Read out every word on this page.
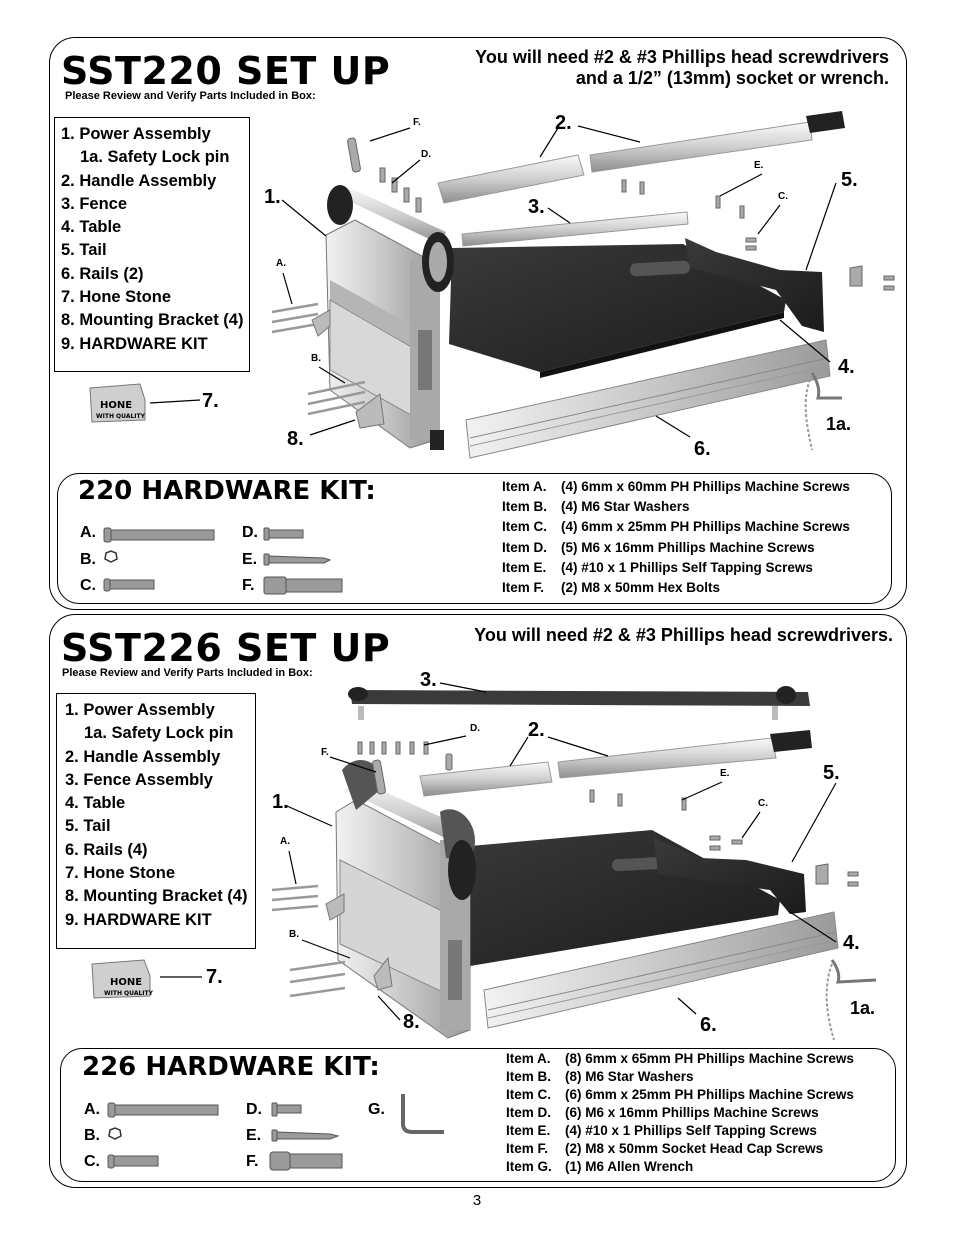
SST220 SET UP
Please Review and Verify Parts Included in Box:
You will need #2 & #3 Phillips head screwdrivers
and a 1/2” (13mm) socket or wrench.
1. Power Assembly
1a. Safety Lock pin
2. Handle Assembly
3. Fence
4. Table
5. Tail
6. Rails (2)
7. Hone Stone
8. Mounting Bracket (4)
9. HARDWARE KIT
HONE
WITH QUALITY
1.
2.
3.
4.
5.
6.
7.
8.
1a.
A.
B.
C.
D.
E.
F.
220 HARDWARE KIT:
A.
B.
C.
D.
E.
F.
Item A.	(4) 6mm x 60mm PH Phillips Machine Screws
Item B.	(4) M6 Star Washers
Item C.	(4) 6mm x 25mm PH Phillips Machine Screws
Item D.	(5) M6 x 16mm Phillips Machine Screws
Item E.	(4) #10 x 1 Phillips Self Tapping Screws
Item F.	(2) M8 x 50mm Hex Bolts
SST226 SET UP
Please Review and Verify Parts Included in Box:
You will need #2 & #3 Phillips head screwdrivers.
1. Power Assembly
1a. Safety Lock pin
2. Handle Assembly
3. Fence Assembly
4. Table
5. Tail
6. Rails (4)
7. Hone Stone
8. Mounting Bracket (4)
9. HARDWARE KIT
HONE
WITH QUALITY
3.
2.
1.
5.
4.
6.
7.
8.
1a.
A.
B.
C.
D.
E.
F.
226 HARDWARE KIT:
A.
B.
C.
D.
E.
F.
G.
Item A.	(8) 6mm x 65mm PH Phillips Machine Screws
Item B.	(8) M6 Star Washers
Item C.	(6) 6mm x 25mm PH Phillips Machine Screws
Item D.	(6) M6 x 16mm Phillips Machine Screws
Item E.	(4) #10 x 1 Phillips Self Tapping Screws
Item F.	(2) M8 x 50mm Socket Head Cap Screws
Item G. (1) M6 Allen Wrench
3
